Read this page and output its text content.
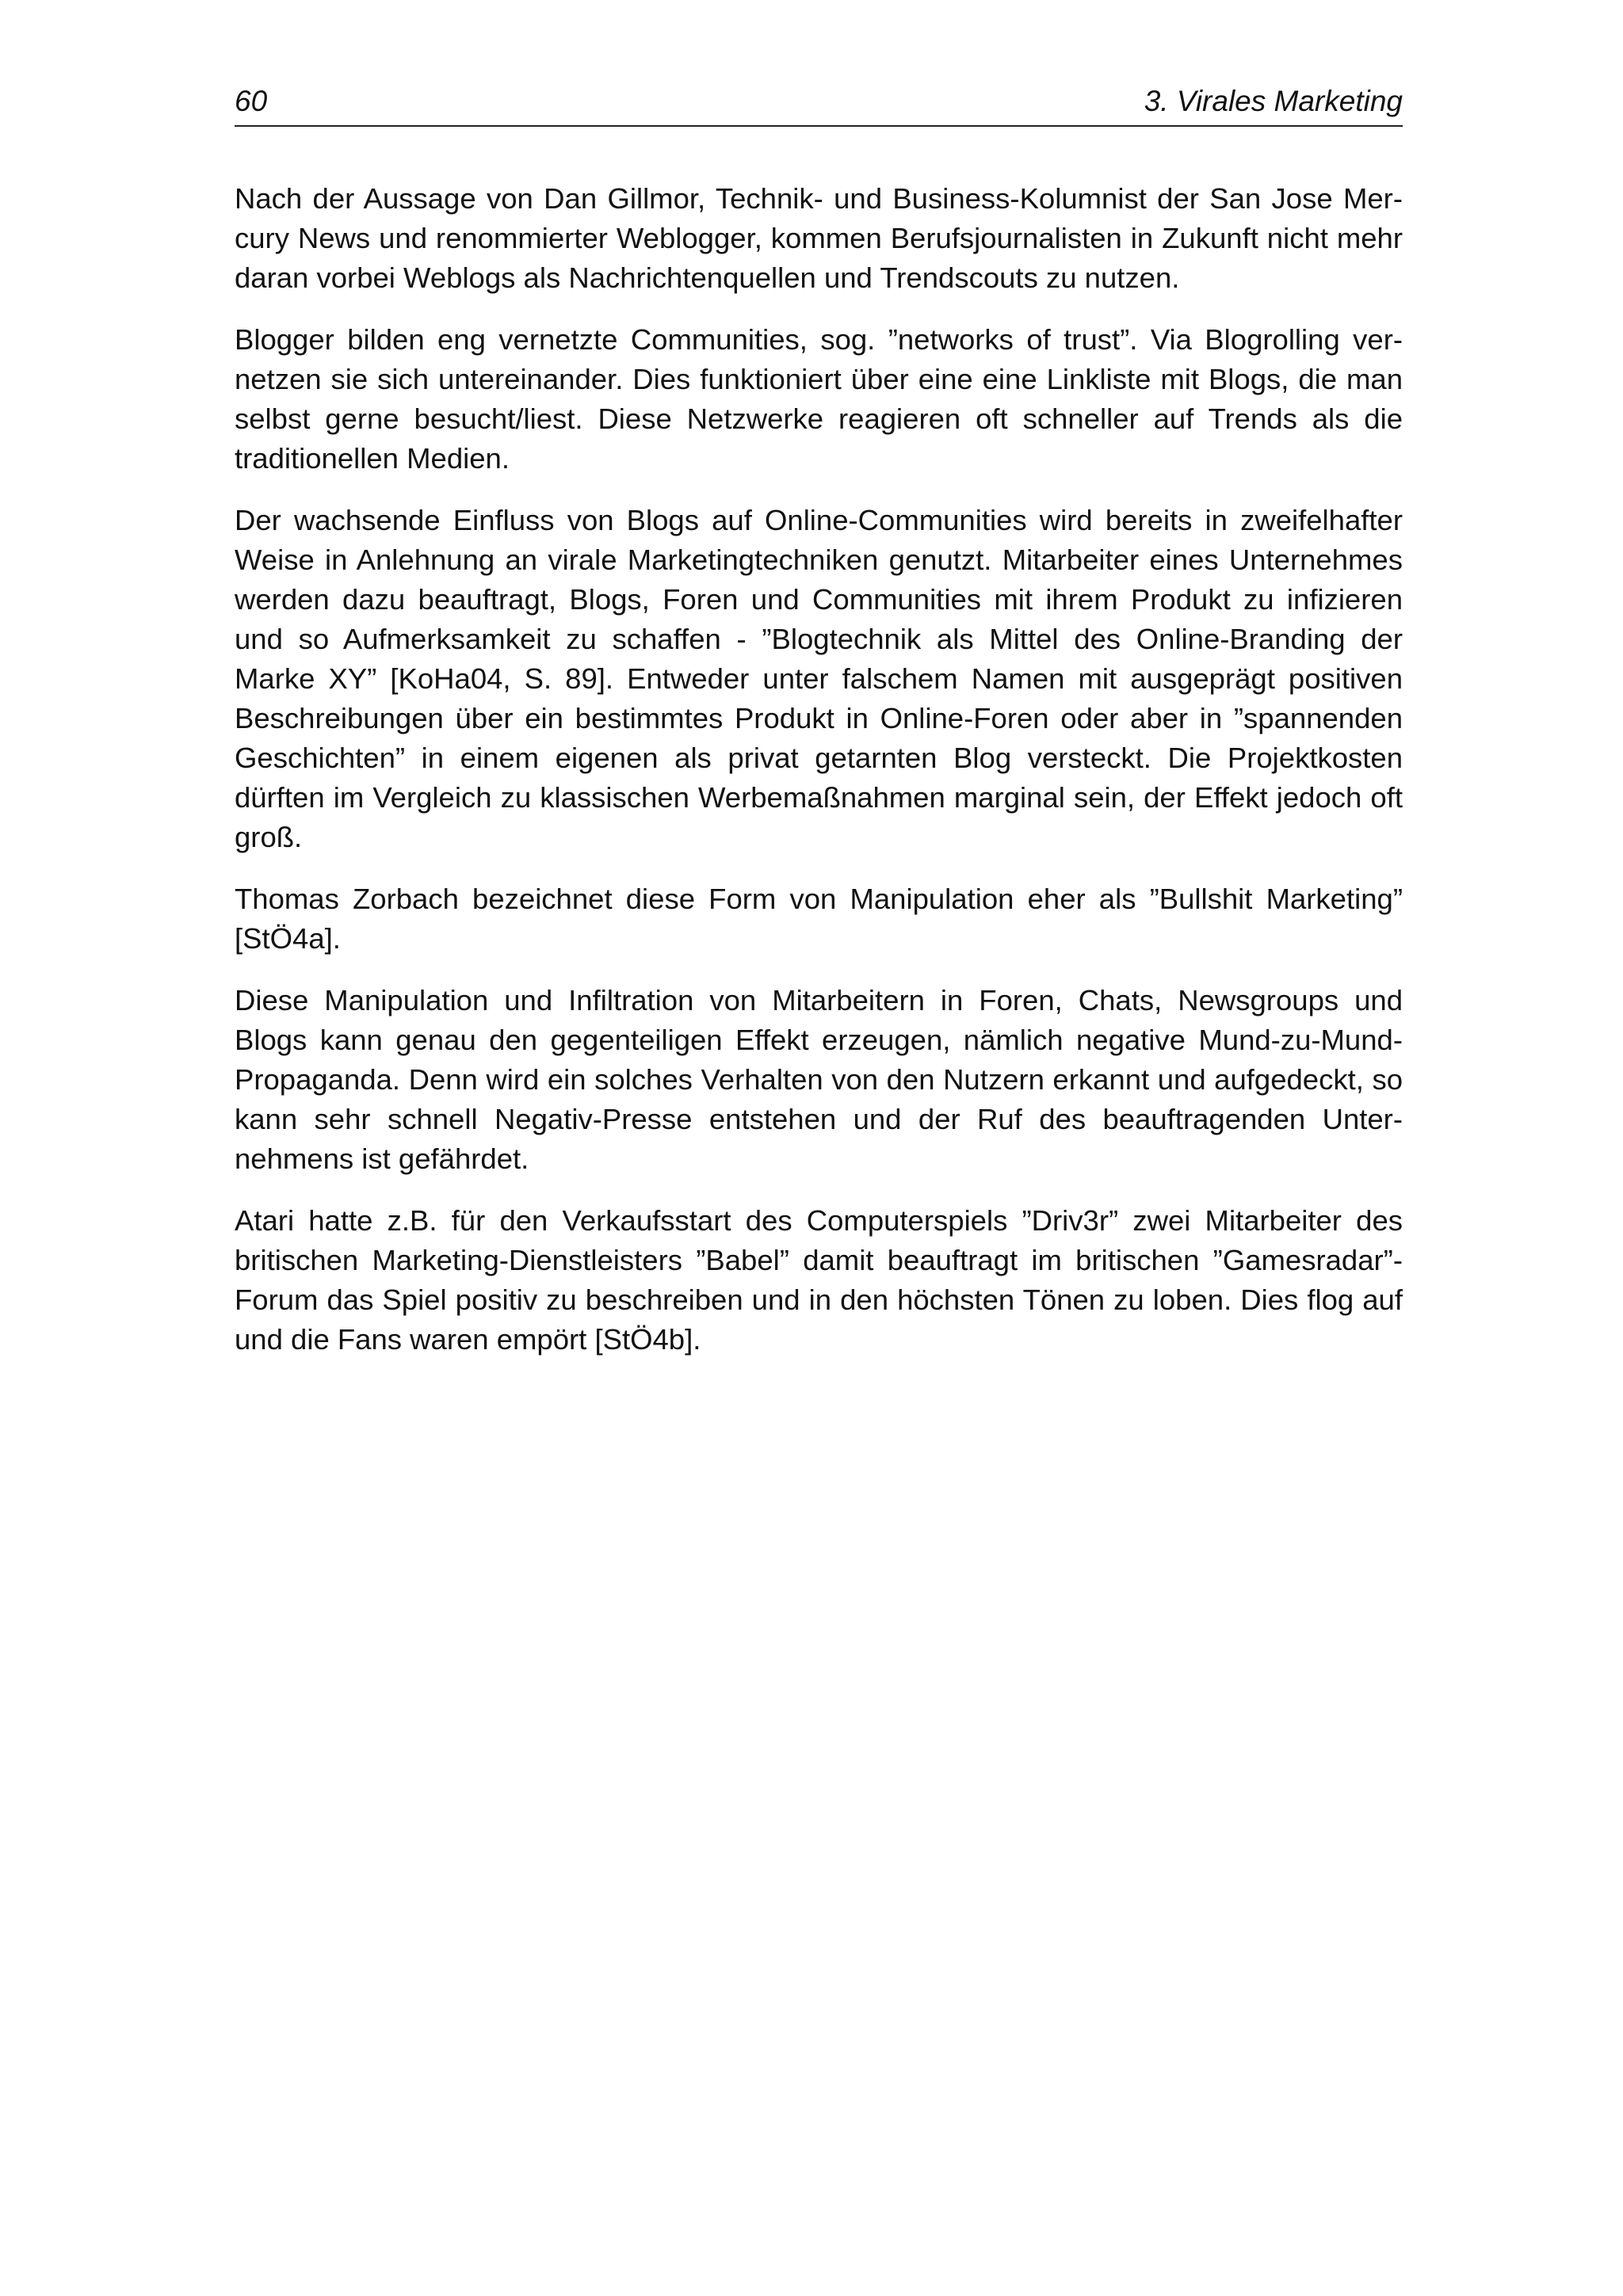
60	3. Virales Marketing

Nach der Aussage von Dan Gillmor, Technik- und Business-Kolumnist der San Jose Mercury News und renommierter Weblogger, kommen Berufsjournalisten in Zukunft nicht mehr daran vorbei Weblogs als Nachrichtenquellen und Trendscouts zu nutzen.

Blogger bilden eng vernetzte Communities, sog. ”networks of trust”. Via Blogrolling vernetzen sie sich untereinander. Dies funktioniert über eine eine Linkliste mit Blogs, die man selbst gerne besucht/liest. Diese Netzwerke reagieren oft schneller auf Trends als die traditionellen Medien.

Der wachsende Einfluss von Blogs auf Online-Communities wird bereits in zweifelhafter Weise in Anlehnung an virale Marketingtechniken genutzt. Mitarbeiter eines Unternehmes werden dazu beauftragt, Blogs, Foren und Communities mit ihrem Produkt zu infizieren und so Aufmerksamkeit zu schaffen - ”Blogtechnik als Mittel des Online-Branding der Marke XY” [KoHa04, S. 89]. Entweder unter falschem Namen mit ausgeprägt positiven Beschreibungen über ein bestimmtes Produkt in Online-Foren oder aber in ”spannenden Geschichten” in einem eigenen als privat getarnten Blog versteckt. Die Projektkosten dürften im Vergleich zu klassischen Werbemaßnahmen marginal sein, der Effekt jedoch oft groß.

Thomas Zorbach bezeichnet diese Form von Manipulation eher als ”Bullshit Marketing” [StÖ4a].

Diese Manipulation und Infiltration von Mitarbeitern in Foren, Chats, Newsgroups und Blogs kann genau den gegenteiligen Effekt erzeugen, nämlich negative Mund-zu-Mund-Propaganda. Denn wird ein solches Verhalten von den Nutzern erkannt und aufgedeckt, so kann sehr schnell Negativ-Presse entstehen und der Ruf des beauftragenden Unternehmens ist gefährdet.

Atari hatte z.B. für den Verkaufsstart des Computerspiels ”Driv3r” zwei Mitarbeiter des britischen Marketing-Dienstleisters ”Babel” damit beauftragt im britischen ”Gamesradar”-Forum das Spiel positiv zu beschreiben und in den höchsten Tönen zu loben. Dies flog auf und die Fans waren empört [StÖ4b].
